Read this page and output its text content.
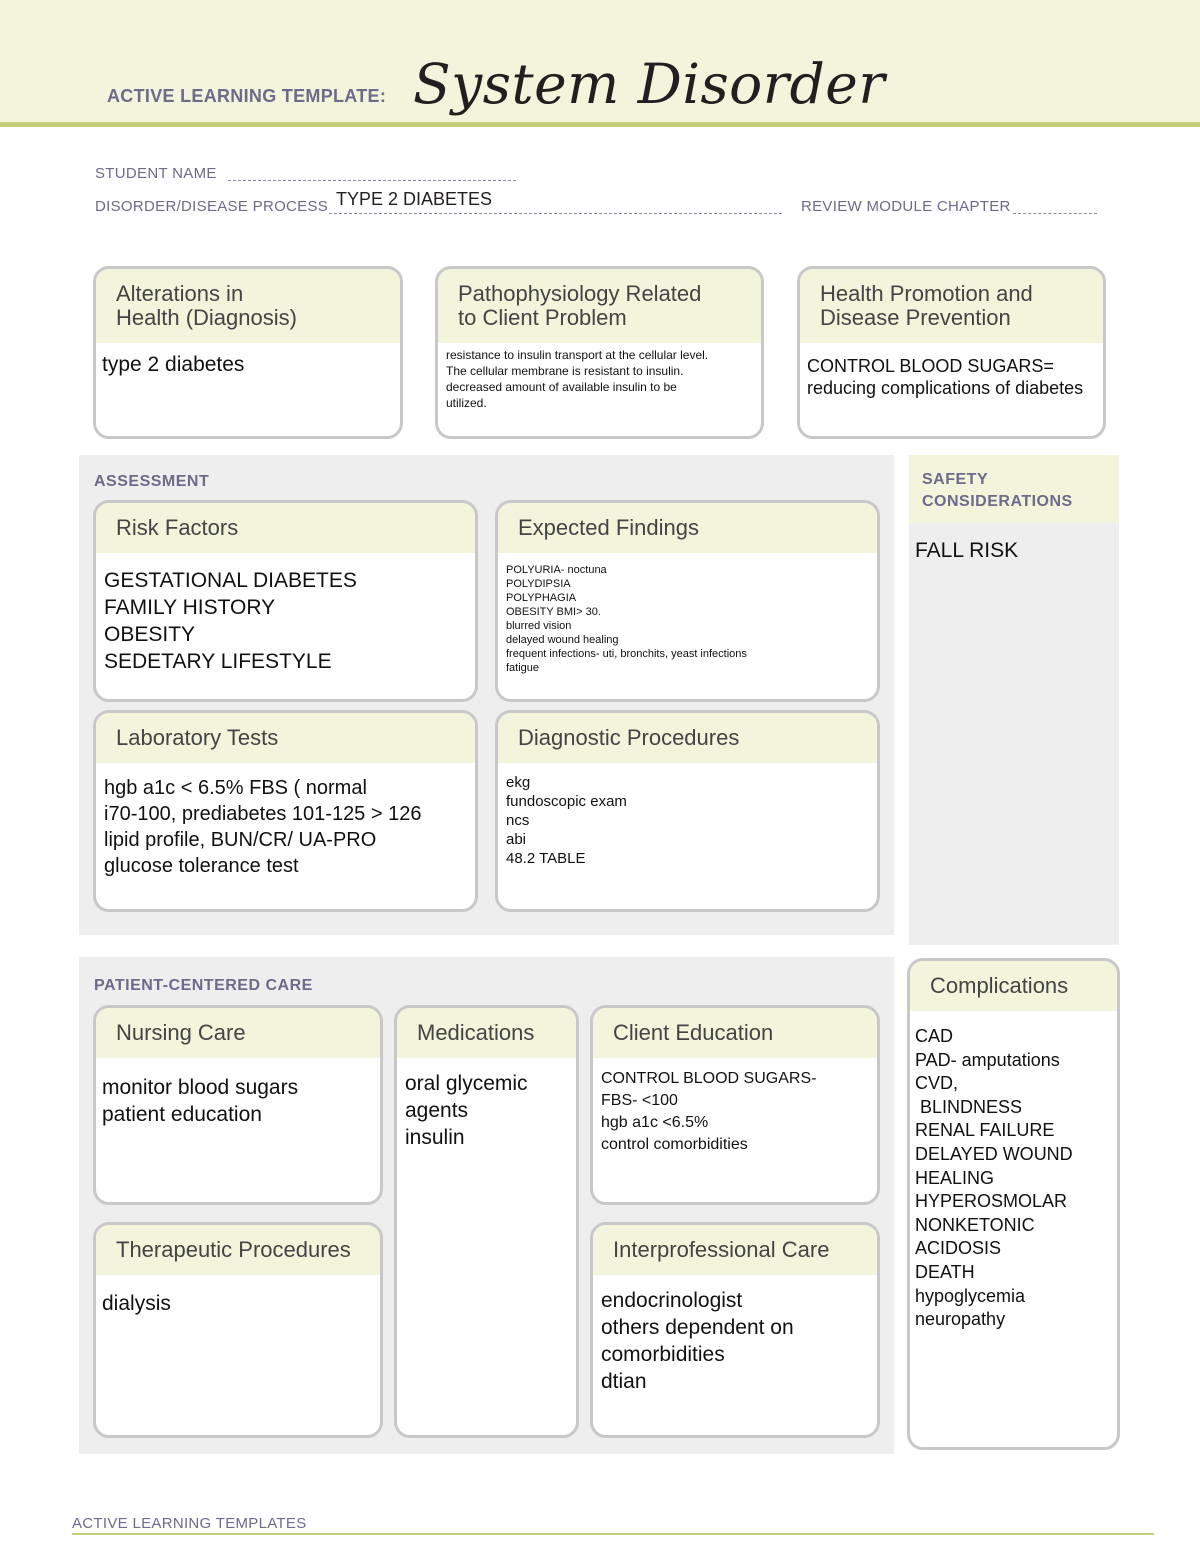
ACTIVE LEARNING TEMPLATE: System Disorder
STUDENT NAME
DISORDER/DISEASE PROCESS TYPE 2 DIABETES	REVIEW MODULE CHAPTER
Alterations in
Health (Diagnosis)
type 2 diabetes
Pathophysiology Related
to Client Problem
resistance to insulin transport at the cellular level.
The cellular membrane is resistant to insulin.
decreased amount of available insulin to be
utilized.
Health Promotion and
Disease Prevention
CONTROL BLOOD SUGARS=
reducing complications of diabetes
ASSESSMENT
Risk Factors
GESTATIONAL DIABETES
FAMILY HISTORY
OBESITY
SEDETARY LIFESTYLE
Expected Findings
POLYURIA- noctuna
POLYDIPSIA
POLYPHAGIA
OBESITY BMI> 30.
blurred vision
delayed wound healing
frequent infections- uti, bronchits, yeast infections
fatigue
Laboratory Tests
hgb a1c < 6.5% FBS ( normal
i70-100, prediabetes 101-125 > 126
lipid profile, BUN/CR/ UA-PRO
glucose tolerance test
Diagnostic Procedures
ekg
fundoscopic exam
ncs
abi
48.2 TABLE
SAFETY
CONSIDERATIONS
FALL RISK
PATIENT-CENTERED CARE
Nursing Care
monitor blood sugars
patient education
Medications
oral glycemic
agents
insulin
Client Education
CONTROL BLOOD SUGARS-
FBS- <100
hgb a1c <6.5%
control comorbidities
Therapeutic Procedures
dialysis
Interprofessional Care
endocrinologist
others dependent on
comorbidities
dtian
Complications
CAD
PAD- amputations
CVD,
BLINDNESS
RENAL FAILURE
DELAYED WOUND
HEALING
HYPEROSMOLAR
NONKETONIC
ACIDOSIS
DEATH
hypoglycemia
neuropathy
ACTIVE LEARNING TEMPLATES
